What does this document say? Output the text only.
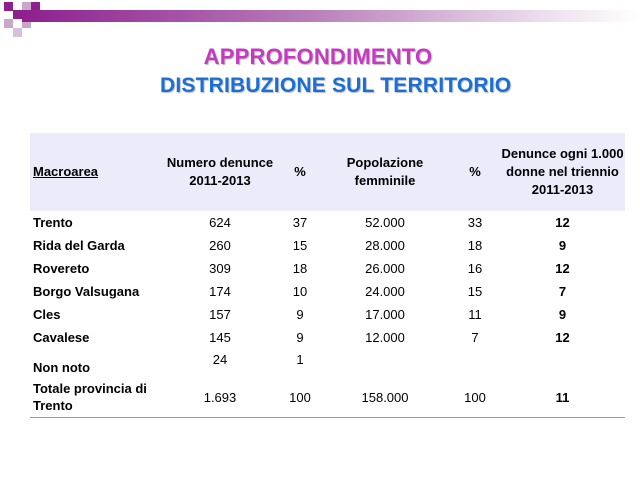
APPROFONDIMENTO
DISTRIBUZIONE SUL TERRITORIO
Macroarea	Numero denunce 2011-2013	%	Popolazione femminile	%	Denunce ogni 1.000 donne nel triennio 2011-2013
Trento	624	37	52.000	33	12
Rida del Garda	260	15	28.000	18	9
Rovereto	309	18	26.000	16	12
Borgo Valsugana	174	10	24.000	15	7
Cles	157	9	17.000	11	9
Cavalese	145	9	12.000	7	12
Non noto	24	1			
Totale provincia di Trento	1.693	100	158.000	100	11
